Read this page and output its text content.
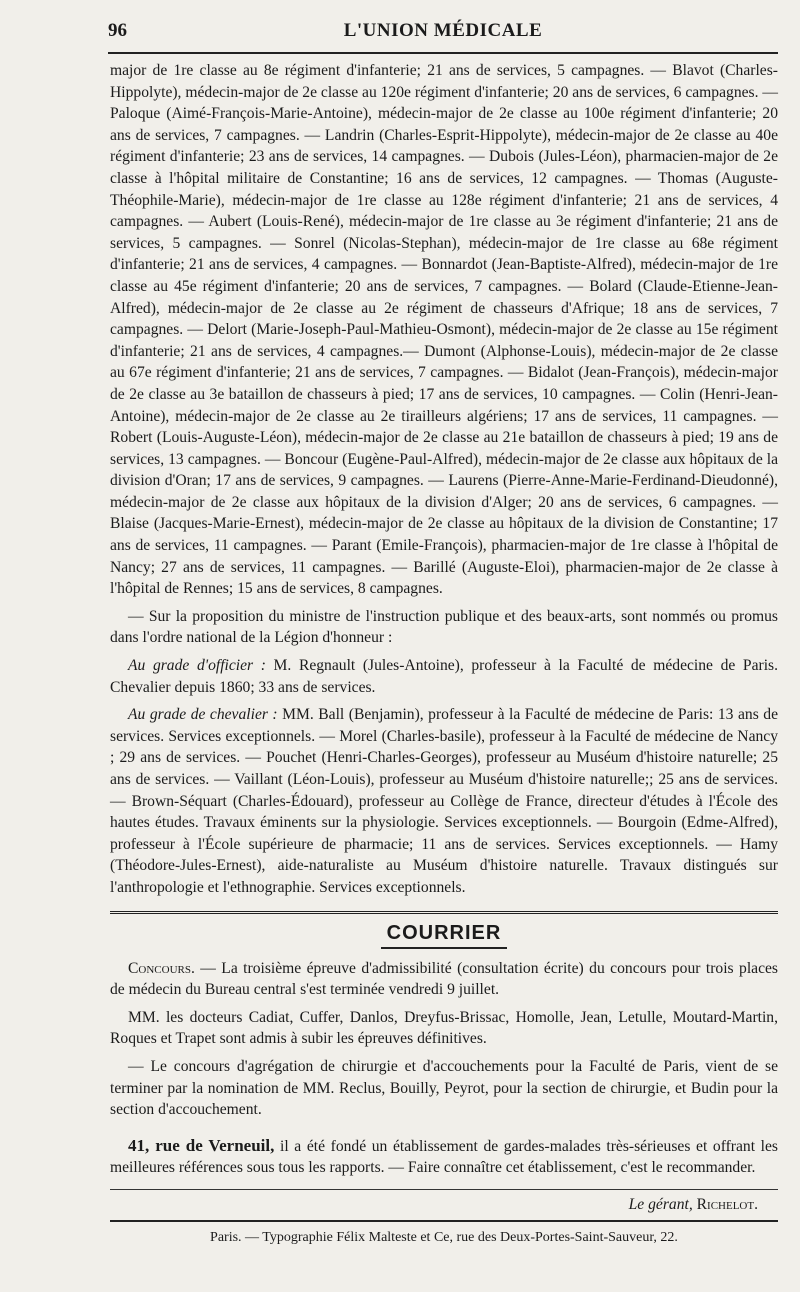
96	L'UNION MÉDICALE

major de 1re classe au 8e régiment d'infanterie; 21 ans de services, 5 campagnes. — Blavot (Charles-Hippolyte), médecin-major de 2e classe au 120e régiment d'infanterie; 20 ans de services, 6 campagnes. — Paloque (Aimé-François-Marie-Antoine), médecin-major de 2e classe au 100e régiment d'infanterie; 20 ans de services, 7 campagnes. — Landrin (Charles-Esprit-Hippolyte), médecin-major de 2e classe au 40e régiment d'infanterie; 23 ans de services, 14 campagnes. — Dubois (Jules-Léon), pharmacien-major de 2e classe à l'hôpital militaire de Constantine; 16 ans de services, 12 campagnes. — Thomas (Auguste-Théophile-Marie), médecin-major de 1re classe au 128e régiment d'infanterie; 21 ans de services, 4 campagnes. — Aubert (Louis-René), médecin-major de 1re classe au 3e régiment d'infanterie; 21 ans de services, 5 campagnes. — Sonrel (Nicolas-Stephan), médecin-major de 1re classe au 68e régiment d'infanterie; 21 ans de services, 4 campagnes. — Bonnardot (Jean-Baptiste-Alfred), médecin-major de 1re classe au 45e régiment d'infanterie; 20 ans de services, 7 campagnes. — Bolard (Claude-Etienne-Jean-Alfred), médecin-major de 2e classe au 2e régiment de chasseurs d'Afrique; 18 ans de services, 7 campagnes. — Delort (Marie-Joseph-Paul-Mathieu-Osmont), médecin-major de 2e classe au 15e régiment d'infanterie; 21 ans de services, 4 campagnes.— Dumont (Alphonse-Louis), médecin-major de 2e classe au 67e régiment d'infanterie; 21 ans de services, 7 campagnes. — Bidalot (Jean-François), médecin-major de 2e classe au 3e bataillon de chasseurs à pied; 17 ans de services, 10 campagnes. — Colin (Henri-Jean-Antoine), médecin-major de 2e classe au 2e tirailleurs algériens; 17 ans de services, 11 campagnes. — Robert (Louis-Auguste-Léon), médecin-major de 2e classe au 21e bataillon de chasseurs à pied; 19 ans de services, 13 campagnes. — Boncour (Eugène-Paul-Alfred), médecin-major de 2e classe aux hôpitaux de la division d'Oran; 17 ans de services, 9 campagnes. — Laurens (Pierre-Anne-Marie-Ferdinand-Dieudonné), médecin-major de 2e classe aux hôpitaux de la division d'Alger; 20 ans de services, 6 campagnes. — Blaise (Jacques-Marie-Ernest), médecin-major de 2e classe au hôpitaux de la division de Constantine; 17 ans de services, 11 campagnes. — Parant (Emile-François), pharmacien-major de 1re classe à l'hôpital de Nancy; 27 ans de services, 11 campagnes. — Barillé (Auguste-Eloi), pharmacien-major de 2e classe à l'hôpital de Rennes; 15 ans de services, 8 campagnes.

— Sur la proposition du ministre de l'instruction publique et des beaux-arts, sont nommés ou promus dans l'ordre national de la Légion d'honneur :

Au grade d'officier : M. Regnault (Jules-Antoine), professeur à la Faculté de médecine de Paris. Chevalier depuis 1860; 33 ans de services.

Au grade de chevalier : MM. Ball (Benjamin), professeur à la Faculté de médecine de Paris: 13 ans de services. Services exceptionnels. — Morel (Charles-basile), professeur à la Faculté de médecine de Nancy ; 29 ans de services. — Pouchet (Henri-Charles-Georges), professeur au Muséum d'histoire naturelle; 25 ans de services. — Vaillant (Léon-Louis), professeur au Muséum d'histoire naturelle;; 25 ans de services. — Brown-Séquart (Charles-Édouard), professeur au Collège de France, directeur d'études à l'École des hautes études. Travaux éminents sur la physiologie. Services exceptionnels. — Bourgoin (Edme-Alfred), professeur à l'École supérieure de pharmacie; 11 ans de services. Services exceptionnels. — Hamy (Théodore-Jules-Ernest), aide-naturaliste au Muséum d'histoire naturelle. Travaux distingués sur l'anthropologie et l'ethnographie. Services exceptionnels.

COURRIER

Concours. — La troisième épreuve d'admissibilité (consultation écrite) du concours pour trois places de médecin du Bureau central s'est terminée vendredi 9 juillet.

MM. les docteurs Cadiat, Cuffer, Danlos, Dreyfus-Brissac, Homolle, Jean, Letulle, Moutard-Martin, Roques et Trapet sont admis à subir les épreuves définitives.

— Le concours d'agrégation de chirurgie et d'accouchements pour la Faculté de Paris, vient de se terminer par la nomination de MM. Reclus, Bouilly, Peyrot, pour la section de chirurgie, et Budin pour la section d'accouchement.

41, rue de Verneuil, il a été fondé un établissement de gardes-malades très-sérieuses et offrant les meilleures références sous tous les rapports. — Faire connaître cet établissement, c'est le recommander.

Le gérant, Richelot.
Paris. — Typographie Félix Malteste et Ce, rue des Deux-Portes-Saint-Sauveur, 22.
